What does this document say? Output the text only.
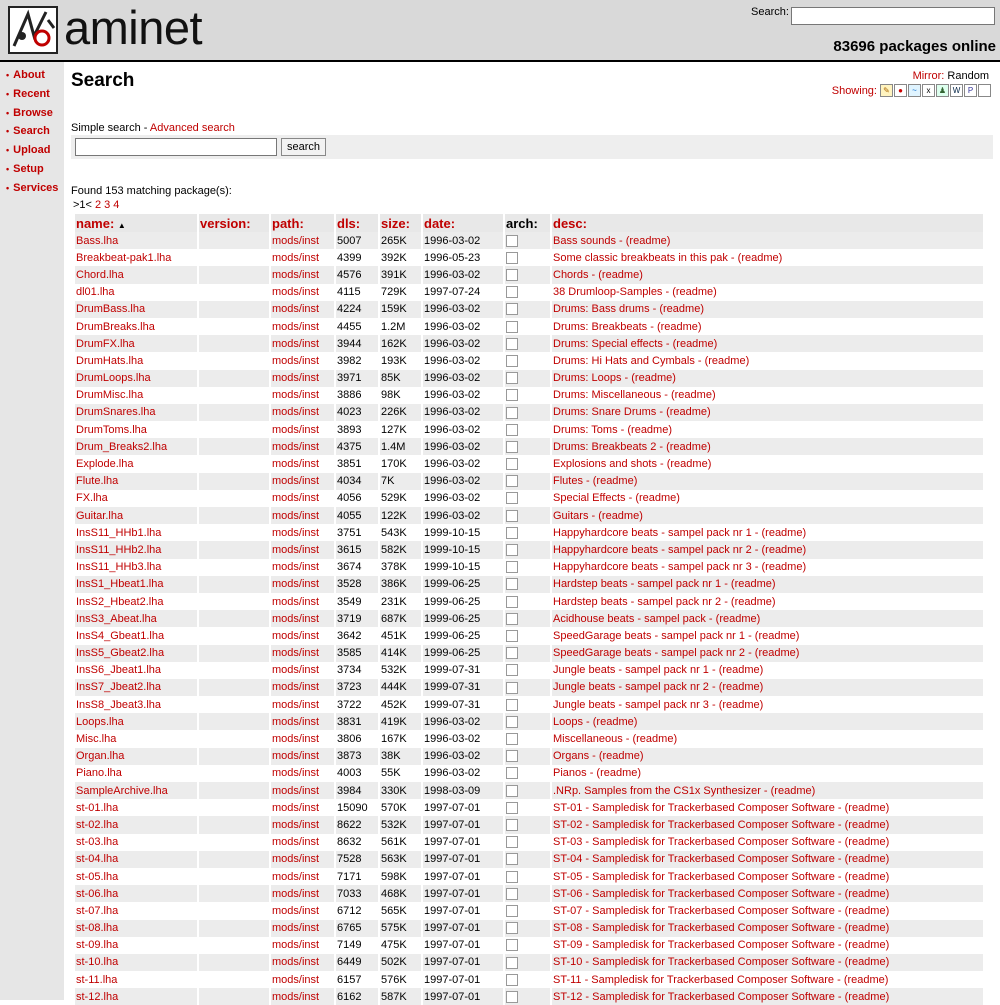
aminet	Search:
83696 packages online
• About
• Recent
• Browse
• Search
• Upload
• Setup
• Services
Search	Mirror: Random
Showing: ✎	●	~	x	♟ W P
Simple search - Advanced search
search
Found 153 matching package(s):
>1< 2 3 4
name: ▲	version:	path:	dls:	size:	date:	arch:	desc:
Bass.lha		mods/inst	5007	265K	1996-03-02		Bass sounds - (readme)
Breakbeat-pak1.lha		mods/inst	4399	392K	1996-05-23		Some classic breakbeats in this pak - (readme)
Chord.lha		mods/inst	4576	391K	1996-03-02		Chords - (readme)
dl01.lha		mods/inst	4115	729K	1997-07-24		38 Drumloop-Samples - (readme)
DrumBass.lha		mods/inst	4224	159K	1996-03-02		Drums: Bass drums - (readme)
DrumBreaks.lha		mods/inst	4455	1.2M	1996-03-02		Drums: Breakbeats - (readme)
DrumFX.lha		mods/inst	3944	162K	1996-03-02		Drums: Special effects - (readme)
DrumHats.lha		mods/inst	3982	193K	1996-03-02		Drums: Hi Hats and Cymbals - (readme)
DrumLoops.lha		mods/inst	3971	85K	1996-03-02		Drums: Loops - (readme)
DrumMisc.lha		mods/inst	3886	98K	1996-03-02		Drums: Miscellaneous - (readme)
DrumSnares.lha		mods/inst	4023	226K	1996-03-02		Drums: Snare Drums - (readme)
DrumToms.lha		mods/inst	3893	127K	1996-03-02		Drums: Toms - (readme)
Drum_Breaks2.lha		mods/inst	4375	1.4M	1996-03-02		Drums: Breakbeats 2 - (readme)
Explode.lha		mods/inst	3851	170K	1996-03-02		Explosions and shots - (readme)
Flute.lha		mods/inst	4034	7K	1996-03-02		Flutes - (readme)
FX.lha		mods/inst	4056	529K	1996-03-02		Special Effects - (readme)
Guitar.lha		mods/inst	4055	122K	1996-03-02		Guitars - (readme)
InsS11_HHb1.lha		mods/inst	3751	543K	1999-10-15		Happyhardcore beats - sampel pack nr 1 - (readme)
InsS11_HHb2.lha		mods/inst	3615	582K	1999-10-15		Happyhardcore beats - sampel pack nr 2 - (readme)
InsS11_HHb3.lha		mods/inst	3674	378K	1999-10-15		Happyhardcore beats - sampel pack nr 3 - (readme)
InsS1_Hbeat1.lha		mods/inst	3528	386K	1999-06-25		Hardstep beats - sampel pack nr 1 - (readme)
InsS2_Hbeat2.lha		mods/inst	3549	231K	1999-06-25		Hardstep beats - sampel pack nr 2 - (readme)
InsS3_Abeat.lha		mods/inst	3719	687K	1999-06-25		Acidhouse beats - sampel pack - (readme)
InsS4_Gbeat1.lha		mods/inst	3642	451K	1999-06-25		SpeedGarage beats - sampel pack nr 1 - (readme)
InsS5_Gbeat2.lha		mods/inst	3585	414K	1999-06-25		SpeedGarage beats - sampel pack nr 2 - (readme)
InsS6_Jbeat1.lha		mods/inst	3734	532K	1999-07-31		Jungle beats - sampel pack nr 1 - (readme)
InsS7_Jbeat2.lha		mods/inst	3723	444K	1999-07-31		Jungle beats - sampel pack nr 2 - (readme)
InsS8_Jbeat3.lha		mods/inst	3722	452K	1999-07-31		Jungle beats - sampel pack nr 3 - (readme)
Loops.lha		mods/inst	3831	419K	1996-03-02		Loops - (readme)
Misc.lha		mods/inst	3806	167K	1996-03-02		Miscellaneous - (readme)
Organ.lha		mods/inst	3873	38K	1996-03-02		Organs - (readme)
Piano.lha		mods/inst	4003	55K	1996-03-02		Pianos - (readme)
SampleArchive.lha		mods/inst	3984	330K	1998-03-09		.NRp. Samples from the CS1x Synthesizer - (readme)
st-01.lha		mods/inst	15090	570K	1997-07-01		ST-01 - Sampledisk for Trackerbased Composer Software - (readme)
st-02.lha		mods/inst	8622	532K	1997-07-01		ST-02 - Sampledisk for Trackerbased Composer Software - (readme)
st-03.lha		mods/inst	8632	561K	1997-07-01		ST-03 - Sampledisk for Trackerbased Composer Software - (readme)
st-04.lha		mods/inst	7528	563K	1997-07-01		ST-04 - Sampledisk for Trackerbased Composer Software - (readme)
st-05.lha		mods/inst	7171	598K	1997-07-01		ST-05 - Sampledisk for Trackerbased Composer Software - (readme)
st-06.lha		mods/inst	7033	468K	1997-07-01		ST-06 - Sampledisk for Trackerbased Composer Software - (readme)
st-07.lha		mods/inst	6712	565K	1997-07-01		ST-07 - Sampledisk for Trackerbased Composer Software - (readme)
st-08.lha		mods/inst	6765	575K	1997-07-01		ST-08 - Sampledisk for Trackerbased Composer Software - (readme)
st-09.lha		mods/inst	7149	475K	1997-07-01		ST-09 - Sampledisk for Trackerbased Composer Software - (readme)
st-10.lha		mods/inst	6449	502K	1997-07-01		ST-10 - Sampledisk for Trackerbased Composer Software - (readme)
st-11.lha		mods/inst	6157	576K	1997-07-01		ST-11 - Sampledisk for Trackerbased Composer Software - (readme)
st-12.lha		mods/inst	6162	587K	1997-07-01		ST-12 - Sampledisk for Trackerbased Composer Software - (readme)
